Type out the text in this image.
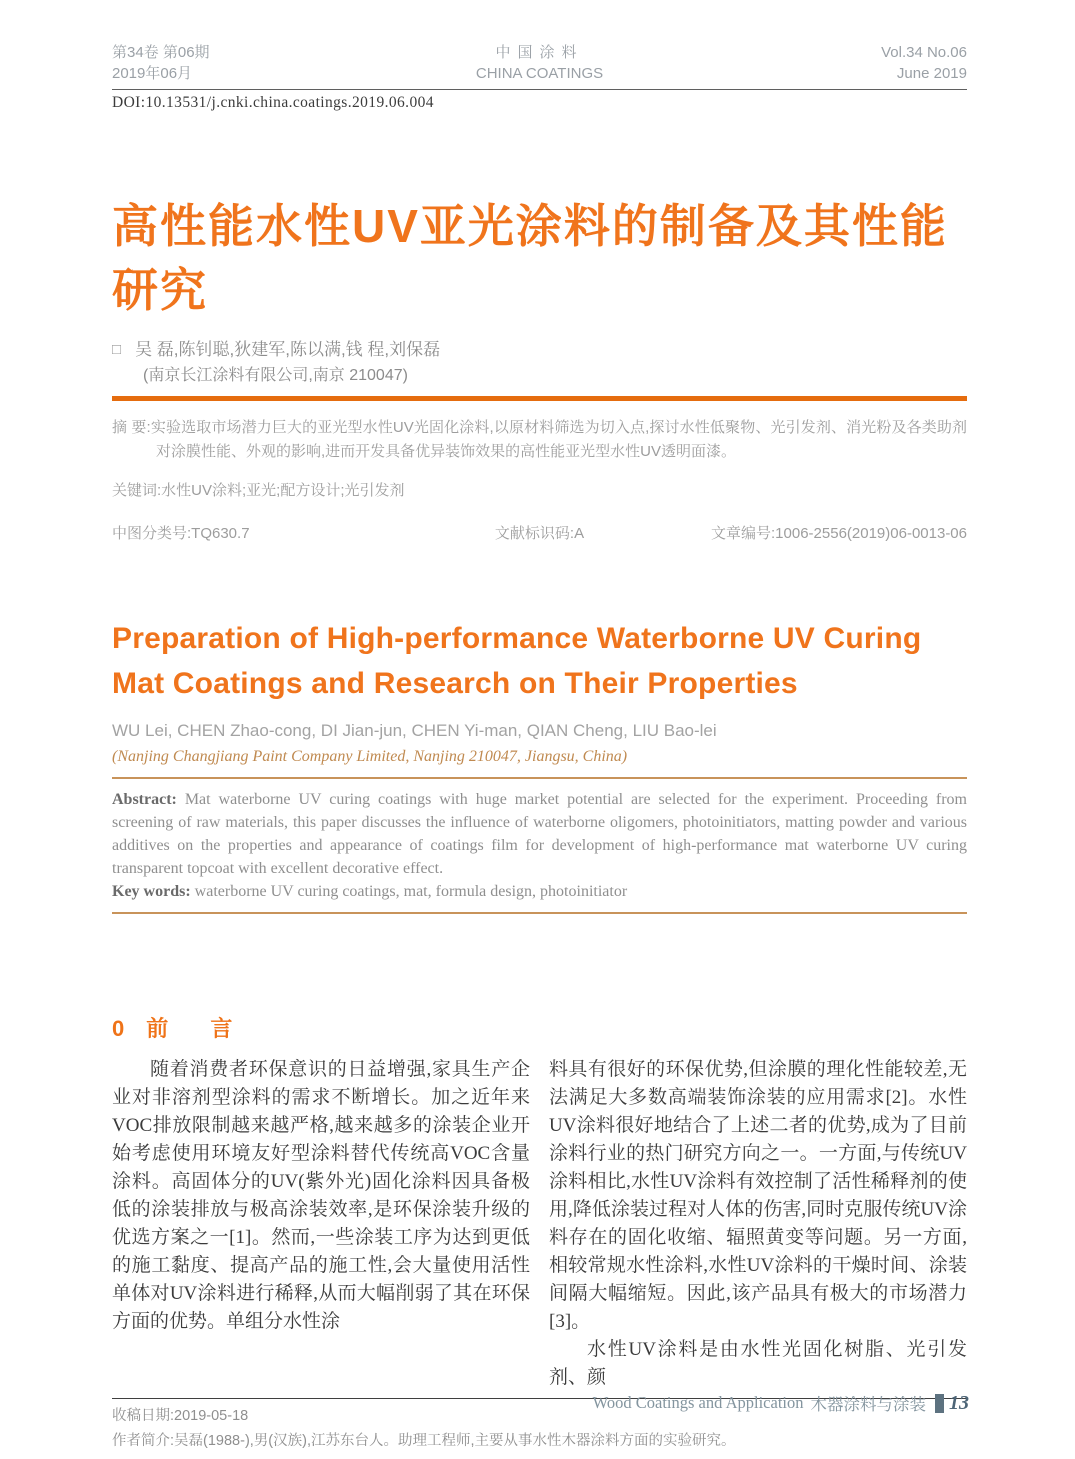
第34卷 第06期
2019年06月
中国涂料
CHINA COATINGS
Vol.34 No.06
June 2019
DOI:10.13531/j.cnki.china.coatings.2019.06.004
高性能水性UV亚光涂料的制备及其性能研究
□ 吴 磊,陈钊聪,狄建军,陈以满,钱 程,刘保磊
(南京长江涂料有限公司,南京 210047)

摘 要:实验选取市场潜力巨大的亚光型水性UV光固化涂料,以原材料筛选为切入点,探讨水性低聚物、光引发剂、消光粉及各类助剂对涂膜性能、外观的影响,进而开发具备优异装饰效果的高性能亚光型水性UV透明面漆。

关键词:水性UV涂料;亚光;配方设计;光引发剂
中图分类号:TQ630.7	文献标识码:A	文章编号:1006-2556(2019)06-0013-06
Preparation of High-performance Waterborne UV Curing Mat Coatings and Research on Their Properties
WU Lei, CHEN Zhao-cong, DI Jian-jun, CHEN Yi-man, QIAN Cheng, LIU Bao-lei
(Nanjing Changjiang Paint Company Limited, Nanjing 210047, Jiangsu, China)

Abstract: Mat waterborne UV curing coatings with huge market potential are selected for the experiment. Proceeding from screening of raw materials, this paper discusses the influence of waterborne oligomers, photoinitiators, matting powder and various additives on the properties and appearance of coatings film for development of high-performance mat waterborne UV curing transparent topcoat with excellent decorative effect.

Key words: waterborne UV curing coatings, mat, formula design, photoinitiator

0 前 言

随着消费者环保意识的日益增强,家具生产企业对非溶剂型涂料的需求不断增长。加之近年来VOC排放限制越来越严格,越来越多的涂装企业开始考虑使用环境友好型涂料替代传统高VOC含量涂料。高固体分的UV(紫外光)固化涂料因具备极低的涂装排放与极高涂装效率,是环保涂装升级的优选方案之一[1]。然而,一些涂装工序为达到更低的施工黏度、提高产品的施工性,会大量使用活性单体对UV涂料进行稀释,从而大幅削弱了其在环保方面的优势。单组分水性涂

料具有很好的环保优势,但涂膜的理化性能较差,无法满足大多数高端装饰涂装的应用需求[2]。水性UV涂料很好地结合了上述二者的优势,成为了目前涂料行业的热门研究方向之一。一方面,与传统UV涂料相比,水性UV涂料有效控制了活性稀释剂的使用,降低涂装过程对人体的伤害,同时克服传统UV涂料存在的固化收缩、辐照黄变等问题。另一方面,相较常规水性涂料,水性UV涂料的干燥时间、涂装间隔大幅缩短。因此,该产品具有极大的市场潜力[3]。

水性UV涂料是由水性光固化树脂、光引发剂、颜

收稿日期:2019-05-18
作者简介:吴磊(1988-),男(汉族),江苏东台人。助理工程师,主要从事水性木器涂料方面的实验研究。
Wood Coatings and Application 木器涂料与涂装 13
